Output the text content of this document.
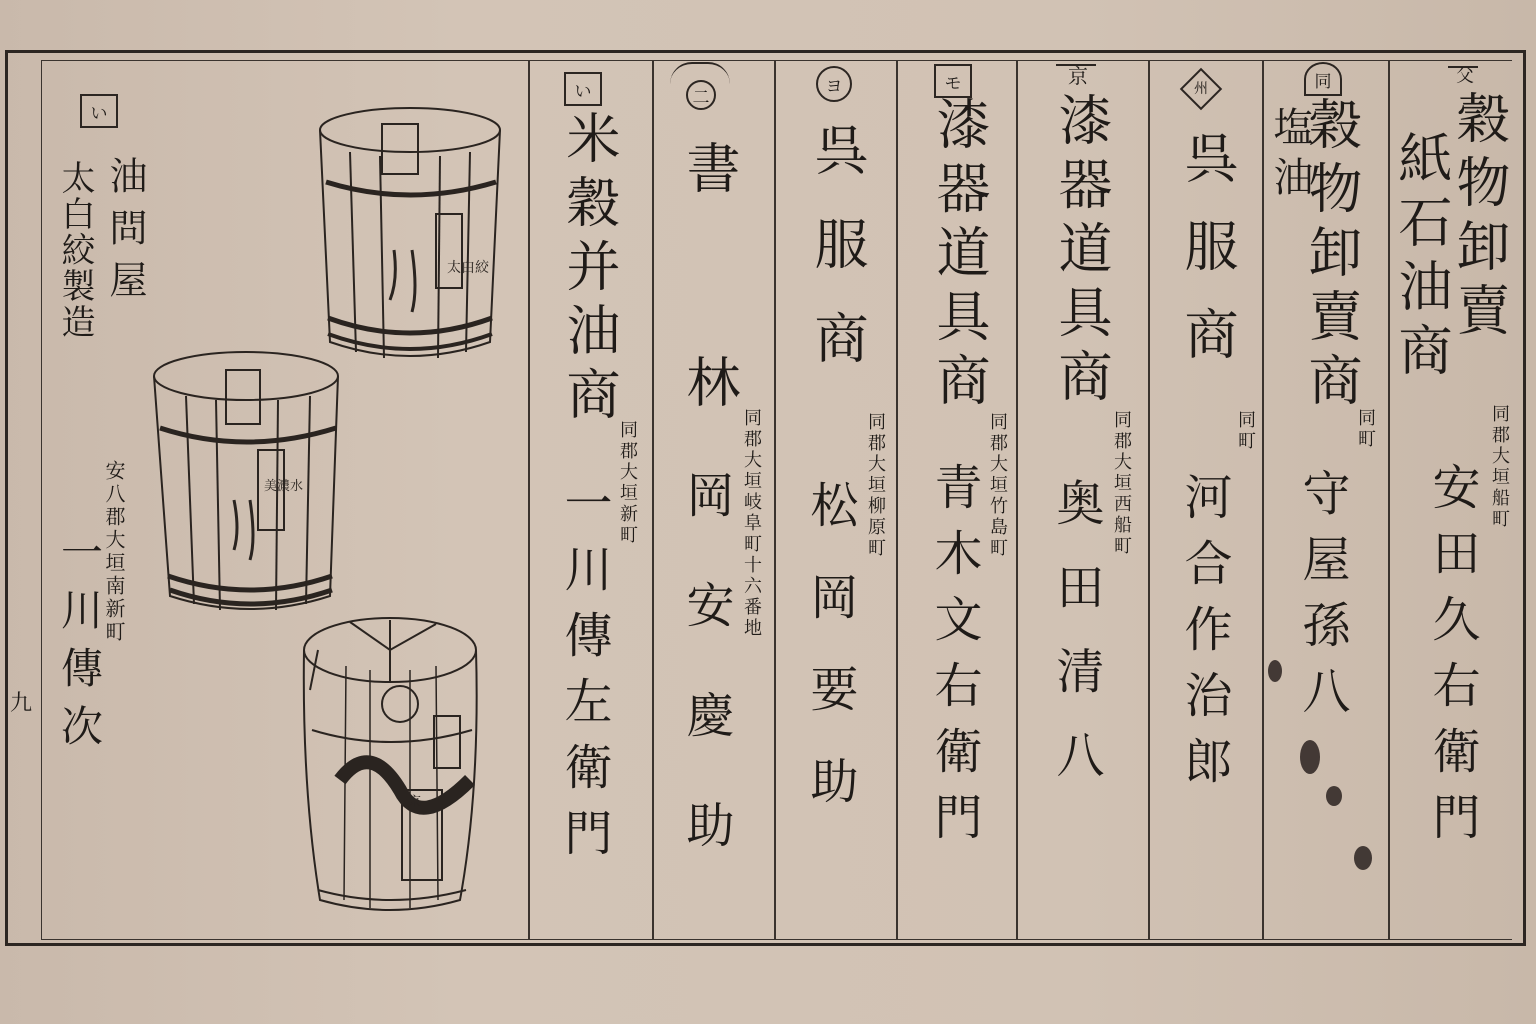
父
穀物卸賣
紙石油商
同郡大垣船町
安田久右衛門
同
穀物卸賣商
塩油
同町
守屋孫八
州
呉服商
同町
河合作治郎
京
漆器道具商
同郡大垣西船町
奥田清八
モ
漆器道具商
同郡大垣竹島町
青木文右衛門
ヨ
呉服商
同郡大垣柳原町
松岡要助
二
書林 同郡大垣岐阜町十六番地
岡安慶助
い
米穀并油商
同郡大垣新町
一川傳左衛門
い
油問屋
太白絞製造
安八郡大垣南新町
一川傳次
九
太白絞
美濃水
京
